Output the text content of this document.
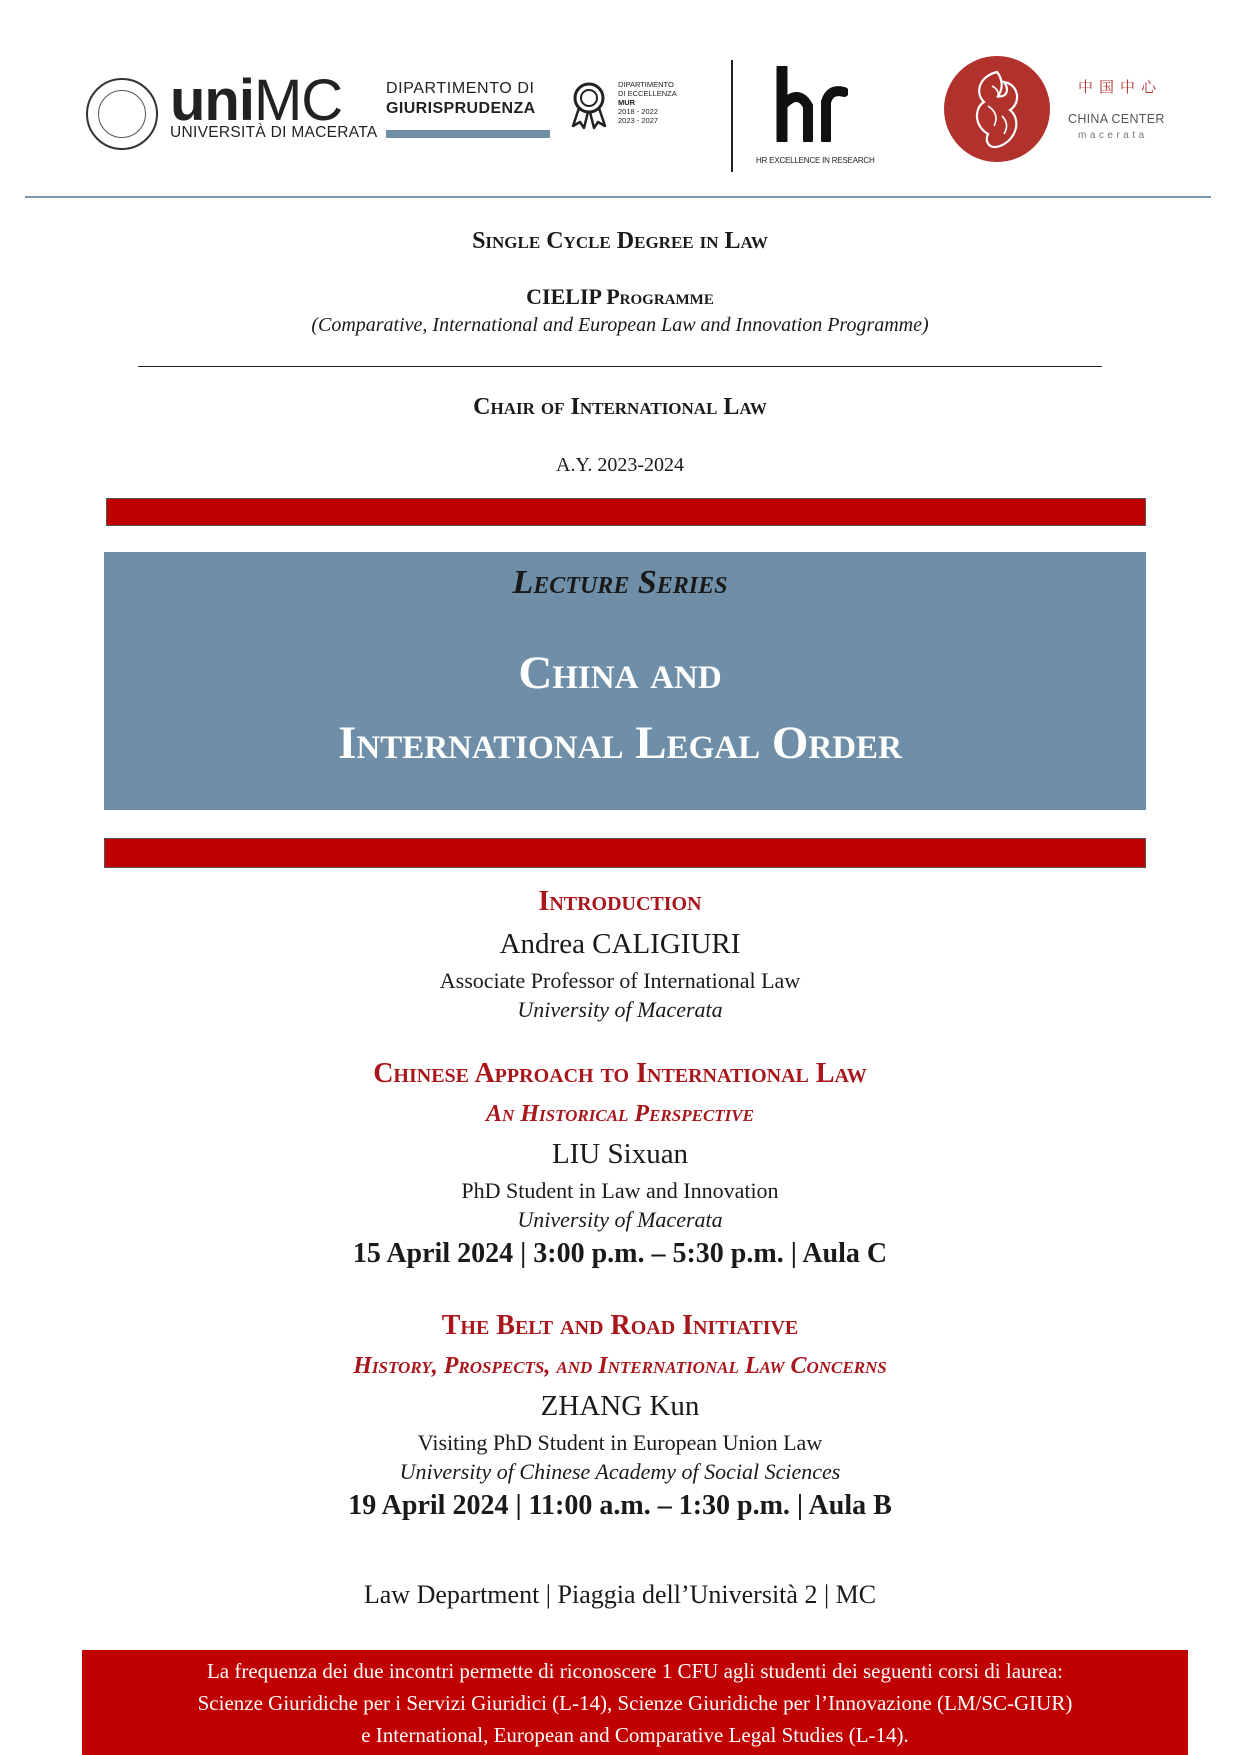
uniMC
UNIVERSITÀ DI MACERATA
DIPARTIMENTO DI
GIURISPRUDENZA
DIPARTIMENTO
DI ECCELLENZA
MUR
2018 - 2022
2023 - 2027
HR EXCELLENCE IN RESEARCH
中国中心
CHINA CENTER
macerata
Single Cycle Degree in Law
CIELIP Programme
(Comparative, International and European Law and Innovation Programme)
Chair of International Law
A.Y. 2023-2024
Lecture Series
China and
International Legal Order
Introduction
Andrea CALIGIURI
Associate Professor of International Law
University of Macerata
Chinese Approach to International Law
An Historical Perspective
LIU Sixuan
PhD Student in Law and Innovation
University of Macerata
15 April 2024 | 3:00 p.m. – 5:30 p.m. | Aula C
The Belt and Road Initiative
History, Prospects, and International Law Concerns
ZHANG Kun
Visiting PhD Student in European Union Law
University of Chinese Academy of Social Sciences
19 April 2024 | 11:00 a.m. – 1:30 p.m. | Aula B
Law Department | Piaggia dell’Università 2 | MC
La frequenza dei due incontri permette di riconoscere 1 CFU agli studenti dei seguenti corsi di laurea:
Scienze Giuridiche per i Servizi Giuridici (L-14), Scienze Giuridiche per l’Innovazione (LM/SC-GIUR)
e International, European and Comparative Legal Studies (L-14).
